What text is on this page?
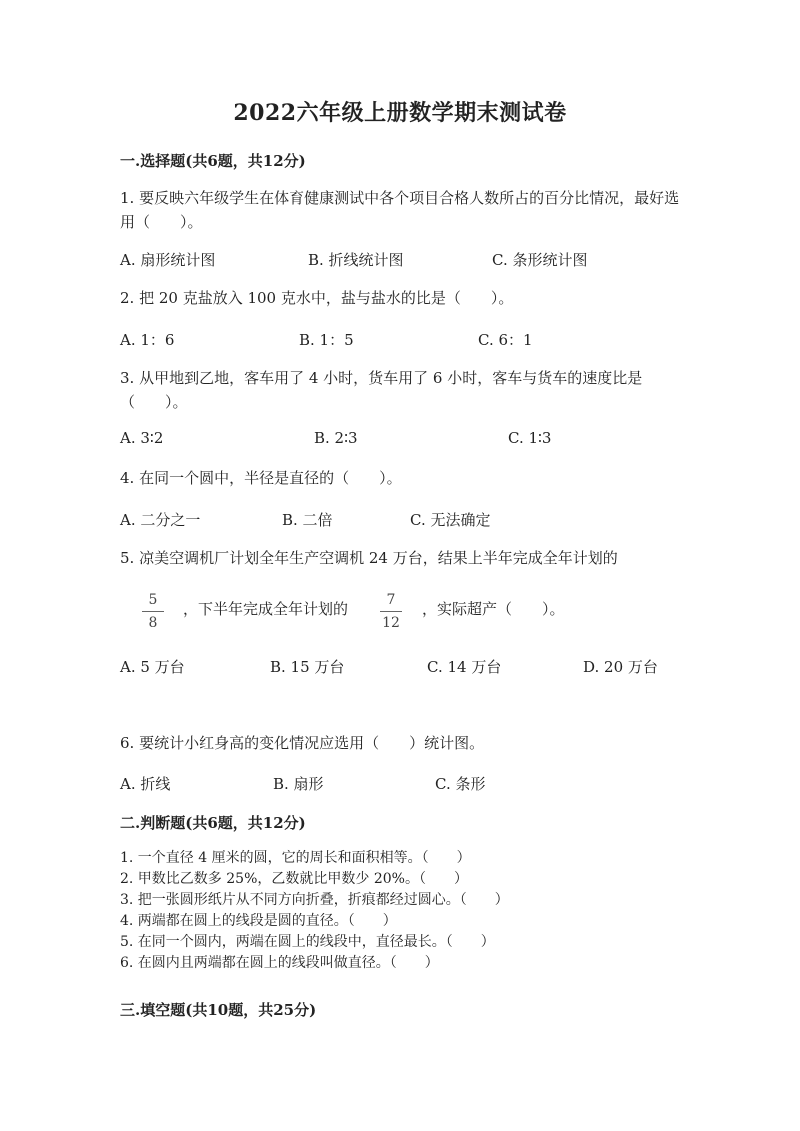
2022六年级上册数学期末测试卷
一.选择题(共6题，共12分)
1. 要反映六年级学生在体育健康测试中各个项目合格人数所占的百分比情况，最好选用（　　）。
A. 扇形统计图	B. 折线统计图	C. 条形统计图
2. 把 20 克盐放入 100 克水中，盐与盐水的比是（　　）。
A. 1：6	B. 1：5	C. 6：1
3. 从甲地到乙地，客车用了 4 小时，货车用了 6 小时，客车与货车的速度比是（　　）。
A. 3∶2	B. 2∶3	C. 1∶3
4. 在同一个圆中，半径是直径的（　　）。
A. 二分之一	B. 二倍	C. 无法确定
5. 凉美空调机厂计划全年生产空调机 24 万台，结果上半年完成全年计划的
5
8
，下半年完成全年计划的	7
12
，实际超产（　　）。
A. 5 万台	B. 15 万台	C. 14 万台	D. 20 万台
6. 要统计小红身高的变化情况应选用（　　）统计图。
A. 折线	B. 扇形	C. 条形
二.判断题(共6题，共12分)
1. 一个直径 4 厘米的圆，它的周长和面积相等。（　　）
2. 甲数比乙数多 25%，乙数就比甲数少 20%。（　　）
3. 把一张圆形纸片从不同方向折叠，折痕都经过圆心。（　　）
4. 两端都在圆上的线段是圆的直径。（　　）
5. 在同一个圆内，两端在圆上的线段中，直径最长。（　　）
6. 在圆内且两端都在圆上的线段叫做直径。（　　）
三.填空题(共10题，共25分)
